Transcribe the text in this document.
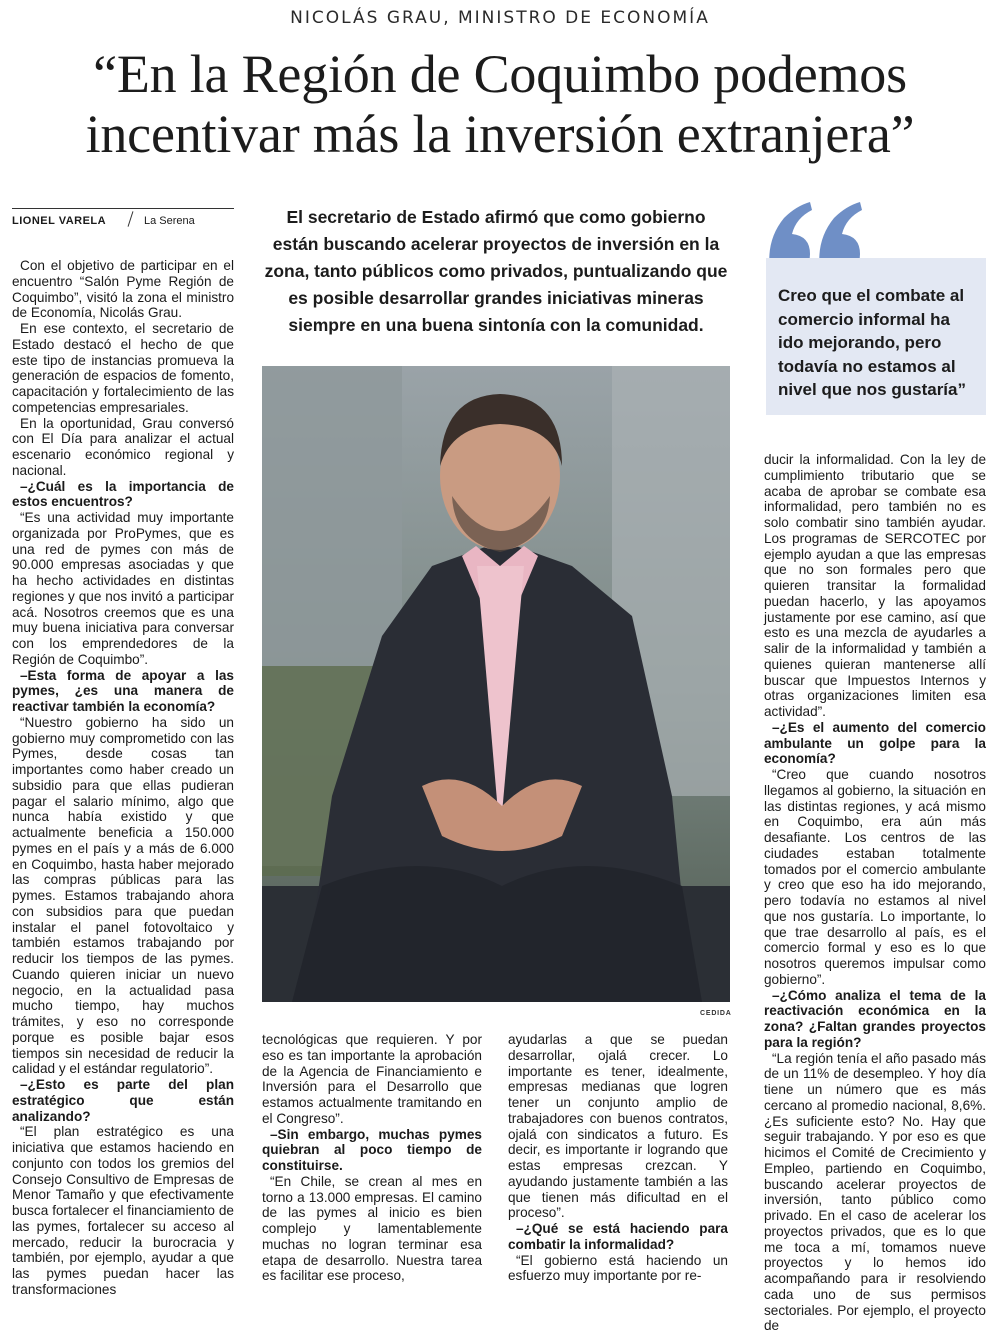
NICOLÁS GRAU, MINISTRO DE ECONOMÍA
“En la Región de Coquimbo podemos
incentivar más la inversión extranjera”
LIONEL VARELA	La Serena	El secretario de Estado afirmó que como gobierno están buscando acelerar proyectos de inversión en la zona, tanto públicos como privados, puntualizando que es posible desarrollar grandes iniciativas mineras siempre en una buena sintonía con la comunidad.
CEDIDA
Creo que el combate al comercio informal ha ido mejorando, pero todavía no estamos al nivel que nos gustaría”

Con el objetivo de participar en el encuentro “Salón Pyme Región de Coquimbo”, visitó la zona el ministro de Economía, Nicolás Grau.

En ese contexto, el secretario de Estado destacó el hecho de que este tipo de instancias promueva la generación de espacios de fomento, capacitación y fortalecimiento de las competencias empresariales.

En la oportunidad, Grau conversó con El Día para analizar el actual escenario económico regional y nacional.

–¿Cuál es la importancia de estos encuentros?

“Es una actividad muy importante organizada por ProPymes, que es una red de pymes con más de 90.000 empresas asociadas y que ha hecho actividades en distintas regiones y que nos invitó a participar acá. Nosotros creemos que es una muy buena iniciativa para conversar con los emprendedores de la Región de Coquimbo”.

–Esta forma de apoyar a las pymes, ¿es una manera de reactivar también la economía?

“Nuestro gobierno ha sido un gobierno muy comprometido con las Pymes, desde cosas tan importantes como haber creado un subsidio para que ellas pudieran pagar el salario mínimo, algo que nunca había existido y que actualmente beneficia a 150.000 pymes en el país y a más de 6.000 en Coquimbo, hasta haber mejorado las compras públicas para las pymes. Estamos trabajando ahora con subsidios para que puedan instalar el panel fotovoltaico y también estamos trabajando por reducir los tiempos de las pymes. Cuando quieren iniciar un nuevo negocio, en la actualidad pasa mucho tiempo, hay muchos trámites, y eso no corresponde porque es posible bajar esos tiempos sin necesidad de reducir la calidad y el estándar regulatorio”.

–¿Esto es parte del plan estratégico que están analizando?

“El plan estratégico es una iniciativa que estamos haciendo en conjunto con todos los gremios del Consejo Consultivo de Empresas de Menor Tamaño y que efectivamente busca fortalecer el financiamiento de las pymes, fortalecer su acceso al mercado, reducir la burocracia y también, por ejemplo, ayudar a que las pymes puedan hacer las transformaciones

tecnológicas que requieren. Y por eso es tan importante la aprobación de la Agencia de Financiamiento e Inversión para el Desarrollo que estamos actualmente tramitando en el Congreso”.

–Sin embargo, muchas pymes quiebran al poco tiempo de constituirse.

“En Chile, se crean al mes en torno a 13.000 empresas. El camino de las pymes al inicio es bien complejo y lamentablemente muchas no logran terminar esa etapa de desarrollo. Nuestra tarea es facilitar ese proceso,

ayudarlas a que se puedan desarrollar, ojalá crecer. Lo importante es tener, idealmente, empresas medianas que logren tener un conjunto amplio de trabajadores con buenos contratos, ojalá con sindicatos a futuro. Es decir, es importante ir logrando que estas empresas crezcan. Y ayudando justamente también a las que tienen más dificultad en el proceso”.

–¿Qué se está haciendo para combatir la informalidad?

“El gobierno está haciendo un esfuerzo muy importante por re-

ducir la informalidad. Con la ley de cumplimiento tributario que se acaba de aprobar se combate esa informalidad, pero también no es solo combatir sino también ayudar. Los programas de SERCOTEC por ejemplo ayudan a que las empresas que no son formales pero que quieren transitar la formalidad puedan hacerlo, y las apoyamos justamente por ese camino, así que esto es una mezcla de ayudarles a salir de la informalidad y también a quienes quieran mantenerse allí buscar que Impuestos Internos y otras organizaciones limiten esa actividad”.

–¿Es el aumento del comercio ambulante un golpe para la economía?

“Creo que cuando nosotros llegamos al gobierno, la situación en las distintas regiones, y acá mismo en Coquimbo, era aún más desafiante. Los centros de las ciudades estaban totalmente tomados por el comercio ambulante y creo que eso ha ido mejorando, pero todavía no estamos al nivel que nos gustaría. Lo importante, lo que trae desarrollo al país, es el comercio formal y eso es lo que nosotros queremos impulsar como gobierno”.

–¿Cómo analiza el tema de la reactivación económica en la zona? ¿Faltan grandes proyectos para la región?

“La región tenía el año pasado más de un 11% de desempleo. Y hoy día tiene un número que es más cercano al promedio nacional, 8,6%. ¿Es suficiente esto? No. Hay que seguir trabajando. Y por eso es que hicimos el Comité de Crecimiento y Empleo, partiendo en Coquimbo, buscando acelerar proyectos de inversión, tanto público como privado. En el caso de acelerar los proyectos privados, que es lo que me toca a mí, tomamos nueve proyectos y lo hemos ido acompañando para ir resolviendo cada uno de sus permisos sectoriales. Por ejemplo, el proyecto de
